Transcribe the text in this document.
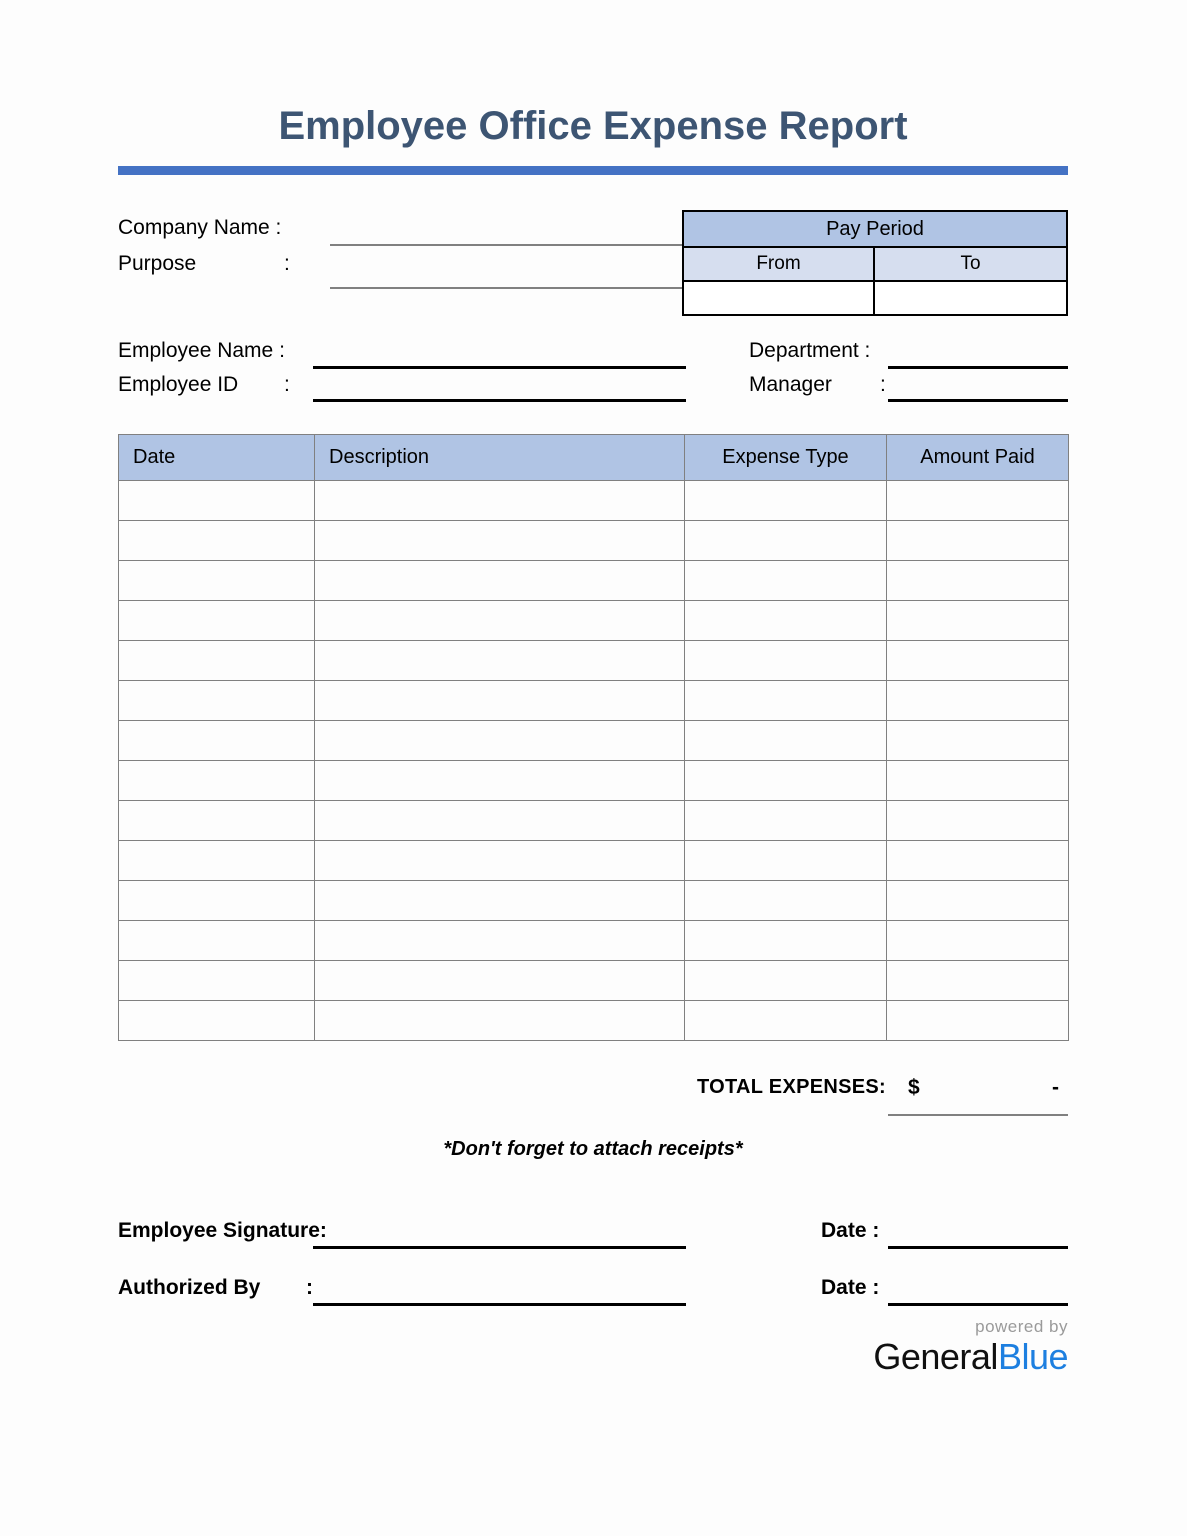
Employee Office Expense Report
Company Name :
Purpose	:
Pay Period
From	To
Employee Name :
Employee ID :
Department :
Manager :
Date	Description	Expense Type	Amount Paid

TOTAL EXPENSES: $	-
*Don't forget to attach receipts*
Employee Signature:
Authorized By :
Date :
Date :
powered by
GeneralBlue
